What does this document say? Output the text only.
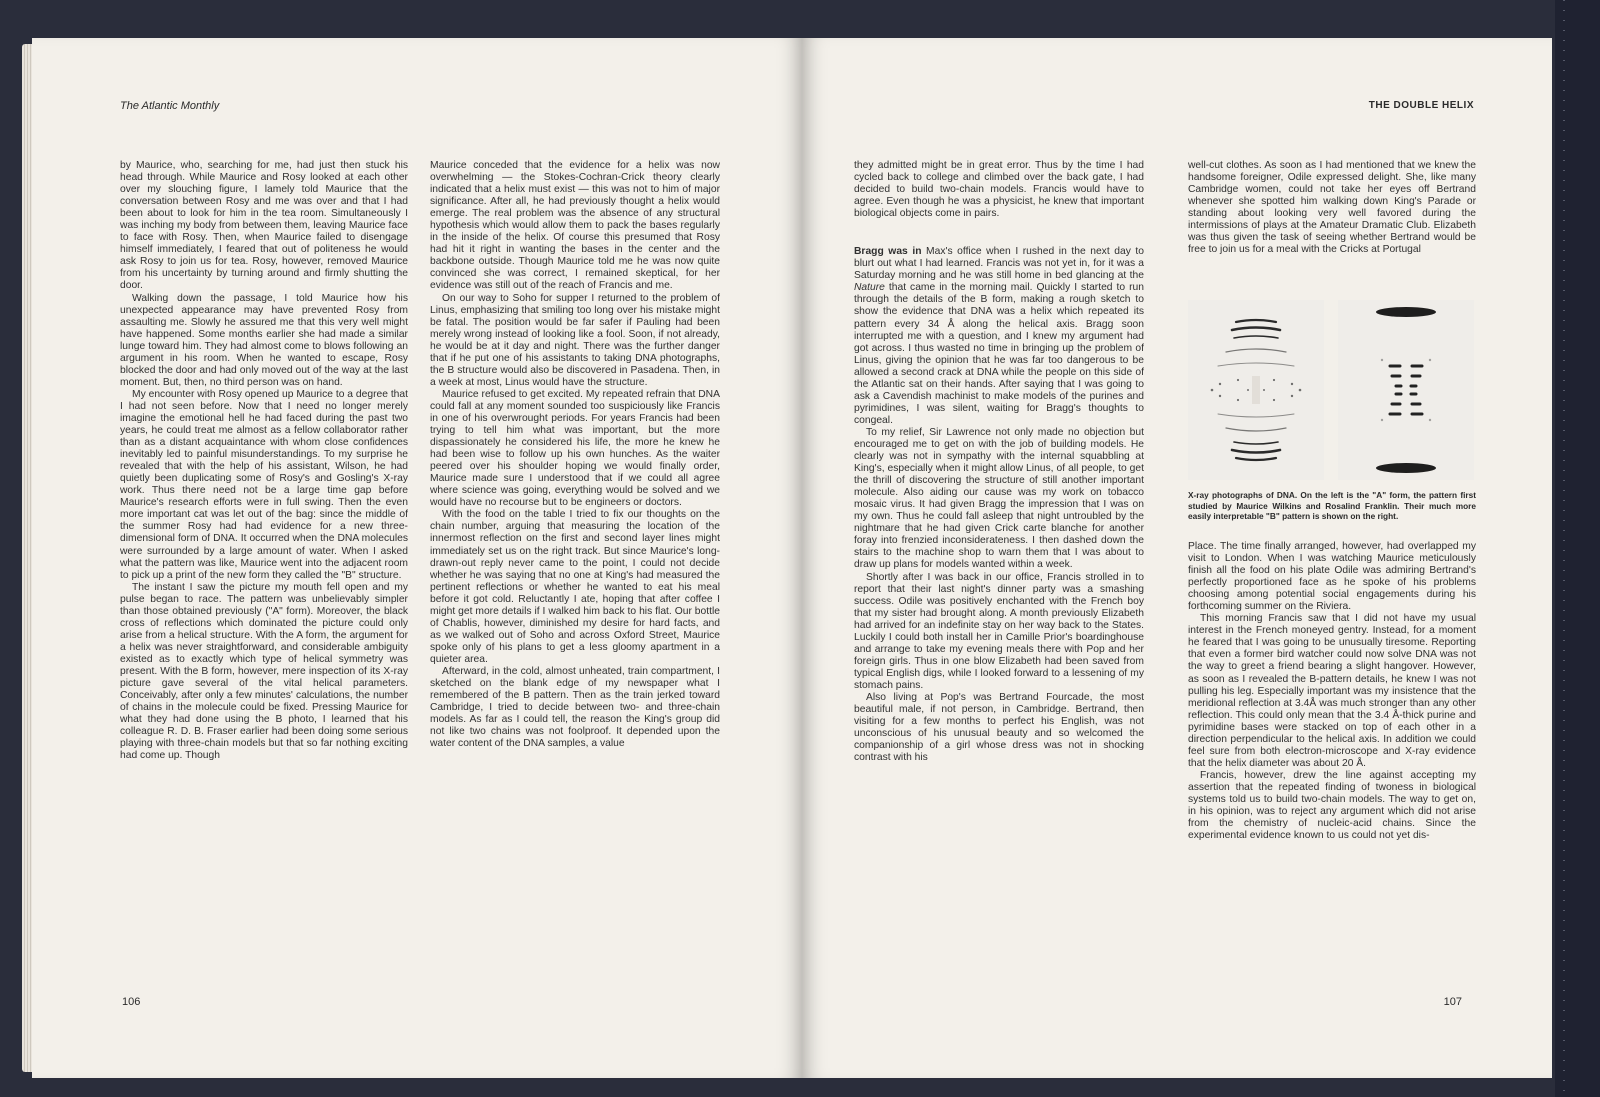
The Atlantic Monthly

by Maurice, who, searching for me, had just then stuck his head through. While Maurice and Rosy looked at each other over my slouching figure, I lamely told Maurice that the conversation between Rosy and me was over and that I had been about to look for him in the tea room. Simultaneously I was inching my body from between them, leaving Maurice face to face with Rosy. Then, when Maurice failed to disengage himself immediately, I feared that out of politeness he would ask Rosy to join us for tea. Rosy, however, removed Maurice from his uncertainty by turning around and firmly shutting the door.

Walking down the passage, I told Maurice how his unexpected appearance may have prevented Rosy from assaulting me. Slowly he assured me that this very well might have happened. Some months earlier she had made a similar lunge toward him. They had almost come to blows following an argument in his room. When he wanted to escape, Rosy blocked the door and had only moved out of the way at the last moment. But, then, no third person was on hand.

My encounter with Rosy opened up Maurice to a degree that I had not seen before. Now that I need no longer merely imagine the emotional hell he had faced during the past two years, he could treat me almost as a fellow collaborator rather than as a distant acquaintance with whom close confidences inevitably led to painful misunderstandings. To my surprise he revealed that with the help of his assistant, Wilson, he had quietly been duplicating some of Rosy's and Gosling's X-ray work. Thus there need not be a large time gap before Maurice's research efforts were in full swing. Then the even more important cat was let out of the bag: since the middle of the summer Rosy had had evidence for a new three-dimensional form of DNA. It occurred when the DNA molecules were surrounded by a large amount of water. When I asked what the pattern was like, Maurice went into the adjacent room to pick up a print of the new form they called the "B" structure.

The instant I saw the picture my mouth fell open and my pulse began to race. The pattern was unbelievably simpler than those obtained previously ("A" form). Moreover, the black cross of reflections which dominated the picture could only arise from a helical structure. With the A form, the argument for a helix was never straightforward, and considerable ambiguity existed as to exactly which type of helical symmetry was present. With the B form, however, mere inspection of its X-ray picture gave several of the vital helical parameters. Conceivably, after only a few minutes' calculations, the number of chains in the molecule could be fixed. Pressing Maurice for what they had done using the B photo, I learned that his colleague R. D. B. Fraser earlier had been doing some serious playing with three-chain models but that so far nothing exciting had come up. Though

Maurice conceded that the evidence for a helix was now overwhelming — the Stokes-Cochran-Crick theory clearly indicated that a helix must exist — this was not to him of major significance. After all, he had previously thought a helix would emerge. The real problem was the absence of any structural hypothesis which would allow them to pack the bases regularly in the inside of the helix. Of course this presumed that Rosy had hit it right in wanting the bases in the center and the backbone outside. Though Maurice told me he was now quite convinced she was correct, I remained skeptical, for her evidence was still out of the reach of Francis and me.

On our way to Soho for supper I returned to the problem of Linus, emphasizing that smiling too long over his mistake might be fatal. The position would be far safer if Pauling had been merely wrong instead of looking like a fool. Soon, if not already, he would be at it day and night. There was the further danger that if he put one of his assistants to taking DNA photographs, the B structure would also be discovered in Pasadena. Then, in a week at most, Linus would have the structure.

Maurice refused to get excited. My repeated refrain that DNA could fall at any moment sounded too suspiciously like Francis in one of his overwrought periods. For years Francis had been trying to tell him what was important, but the more dispassionately he considered his life, the more he knew he had been wise to follow up his own hunches. As the waiter peered over his shoulder hoping we would finally order, Maurice made sure I understood that if we could all agree where science was going, everything would be solved and we would have no recourse but to be engineers or doctors.

With the food on the table I tried to fix our thoughts on the chain number, arguing that measuring the location of the innermost reflection on the first and second layer lines might immediately set us on the right track. But since Maurice's long-drawn-out reply never came to the point, I could not decide whether he was saying that no one at King's had measured the pertinent reflections or whether he wanted to eat his meal before it got cold. Reluctantly I ate, hoping that after coffee I might get more details if I walked him back to his flat. Our bottle of Chablis, however, diminished my desire for hard facts, and as we walked out of Soho and across Oxford Street, Maurice spoke only of his plans to get a less gloomy apartment in a quieter area.

Afterward, in the cold, almost unheated, train compartment, I sketched on the blank edge of my newspaper what I remembered of the B pattern. Then as the train jerked toward Cambridge, I tried to decide between two- and three-chain models. As far as I could tell, the reason the King's group did not like two chains was not foolproof. It depended upon the water content of the DNA samples, a value

106
THE DOUBLE HELIX

they admitted might be in great error. Thus by the time I had cycled back to college and climbed over the back gate, I had decided to build two-chain models. Francis would have to agree. Even though he was a physicist, he knew that important biological objects come in pairs.

Bragg was in Max's office when I rushed in the next day to blurt out what I had learned. Francis was not yet in, for it was a Saturday morning and he was still home in bed glancing at the Nature that came in the morning mail. Quickly I started to run through the details of the B form, making a rough sketch to show the evidence that DNA was a helix which repeated its pattern every 34 Å along the helical axis. Bragg soon interrupted me with a question, and I knew my argument had got across. I thus wasted no time in bringing up the problem of Linus, giving the opinion that he was far too dangerous to be allowed a second crack at DNA while the people on this side of the Atlantic sat on their hands. After saying that I was going to ask a Cavendish machinist to make models of the purines and pyrimidines, I was silent, waiting for Bragg's thoughts to congeal.

To my relief, Sir Lawrence not only made no objection but encouraged me to get on with the job of building models. He clearly was not in sympathy with the internal squabbling at King's, especially when it might allow Linus, of all people, to get the thrill of discovering the structure of still another important molecule. Also aiding our cause was my work on tobacco mosaic virus. It had given Bragg the impression that I was on my own. Thus he could fall asleep that night untroubled by the nightmare that he had given Crick carte blanche for another foray into frenzied inconsiderateness. I then dashed down the stairs to the machine shop to warn them that I was about to draw up plans for models wanted within a week.

Shortly after I was back in our office, Francis strolled in to report that their last night's dinner party was a smashing success. Odile was positively enchanted with the French boy that my sister had brought along. A month previously Elizabeth had arrived for an indefinite stay on her way back to the States. Luckily I could both install her in Camille Prior's boardinghouse and arrange to take my evening meals there with Pop and her foreign girls. Thus in one blow Elizabeth had been saved from typical English digs, while I looked forward to a lessening of my stomach pains.

Also living at Pop's was Bertrand Fourcade, the most beautiful male, if not person, in Cambridge. Bertrand, then visiting for a few months to perfect his English, was not unconscious of his unusual beauty and so welcomed the companionship of a girl whose dress was not in shocking contrast with his

well-cut clothes. As soon as I had mentioned that we knew the handsome foreigner, Odile expressed delight. She, like many Cambridge women, could not take her eyes off Bertrand whenever she spotted him walking down King's Parade or standing about looking very well favored during the intermissions of plays at the Amateur Dramatic Club. Elizabeth was thus given the task of seeing whether Bertrand would be free to join us for a meal with the Cricks at Portugal

X-ray photographs of DNA. On the left is the "A" form, the pattern first studied by Maurice Wilkins and Rosalind Franklin. Their much more easily interpretable "B" pattern is shown on the right.

Place. The time finally arranged, however, had overlapped my visit to London. When I was watching Maurice meticulously finish all the food on his plate Odile was admiring Bertrand's perfectly proportioned face as he spoke of his problems choosing among potential social engagements during his forthcoming summer on the Riviera.

This morning Francis saw that I did not have my usual interest in the French moneyed gentry. Instead, for a moment he feared that I was going to be unusually tiresome. Reporting that even a former bird watcher could now solve DNA was not the way to greet a friend bearing a slight hangover. However, as soon as I revealed the B-pattern details, he knew I was not pulling his leg. Especially important was my insistence that the meridional reflection at 3.4Å was much stronger than any other reflection. This could only mean that the 3.4 Å-thick purine and pyrimidine bases were stacked on top of each other in a direction perpendicular to the helical axis. In addition we could feel sure from both electron-microscope and X-ray evidence that the helix diameter was about 20 Å.

Francis, however, drew the line against accepting my assertion that the repeated finding of twoness in biological systems told us to build two-chain models. The way to get on, in his opinion, was to reject any argument which did not arise from the chemistry of nucleic-acid chains. Since the experimental evidence known to us could not yet dis-

107
